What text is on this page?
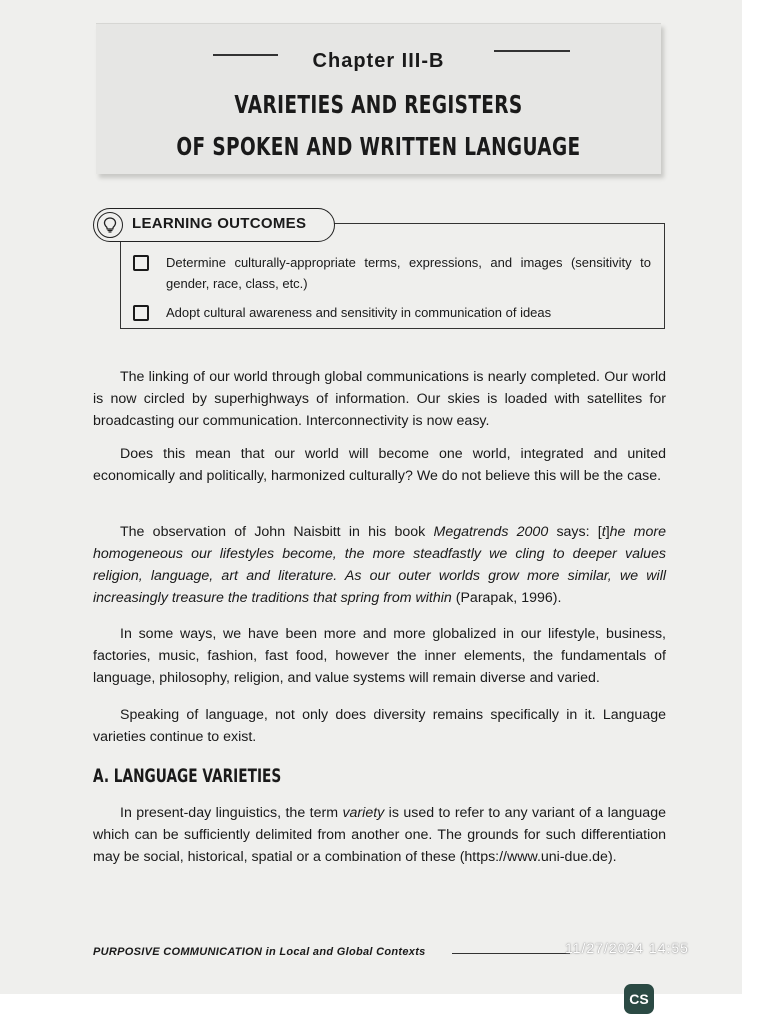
Chapter III-B
VARIETIES AND REGISTERS
OF SPOKEN AND WRITTEN LANGUAGE
LEARNING OUTCOMES
Determine culturally-appropriate terms, expressions, and images (sensitivity to gender, race, class, etc.)
Adopt cultural awareness and sensitivity in communication of ideas

The linking of our world through global communications is nearly completed. Our world is now circled by superhighways of information. Our skies is loaded with satellites for broadcasting our communication. Interconnectivity is now easy.

Does this mean that our world will become one world, integrated and united economically and politically, harmonized culturally? We do not believe this will be the case.

The observation of John Naisbitt in his book Megatrends 2000 says: [t]he more homogeneous our lifestyles become, the more steadfastly we cling to deeper values religion, language, art and literature. As our outer worlds grow more similar, we will increasingly treasure the traditions that spring from within (Parapak, 1996).

In some ways, we have been more and more globalized in our lifestyle, business, factories, music, fashion, fast food, however the inner elements, the fundamentals of language, philosophy, religion, and value systems will remain diverse and varied.

Speaking of language, not only does diversity remains specifically in it. Language varieties continue to exist.

A. LANGUAGE VARIETIES

In present-day linguistics, the term variety is used to refer to any variant of a language which can be sufficiently delimited from another one. The grounds for such differentiation may be social, historical, spatial or a combination of these (https://www.uni-due.de).

PURPOSIVE COMMUNICATION in Local and Global Contexts	11/27/2024 14:55
CS
